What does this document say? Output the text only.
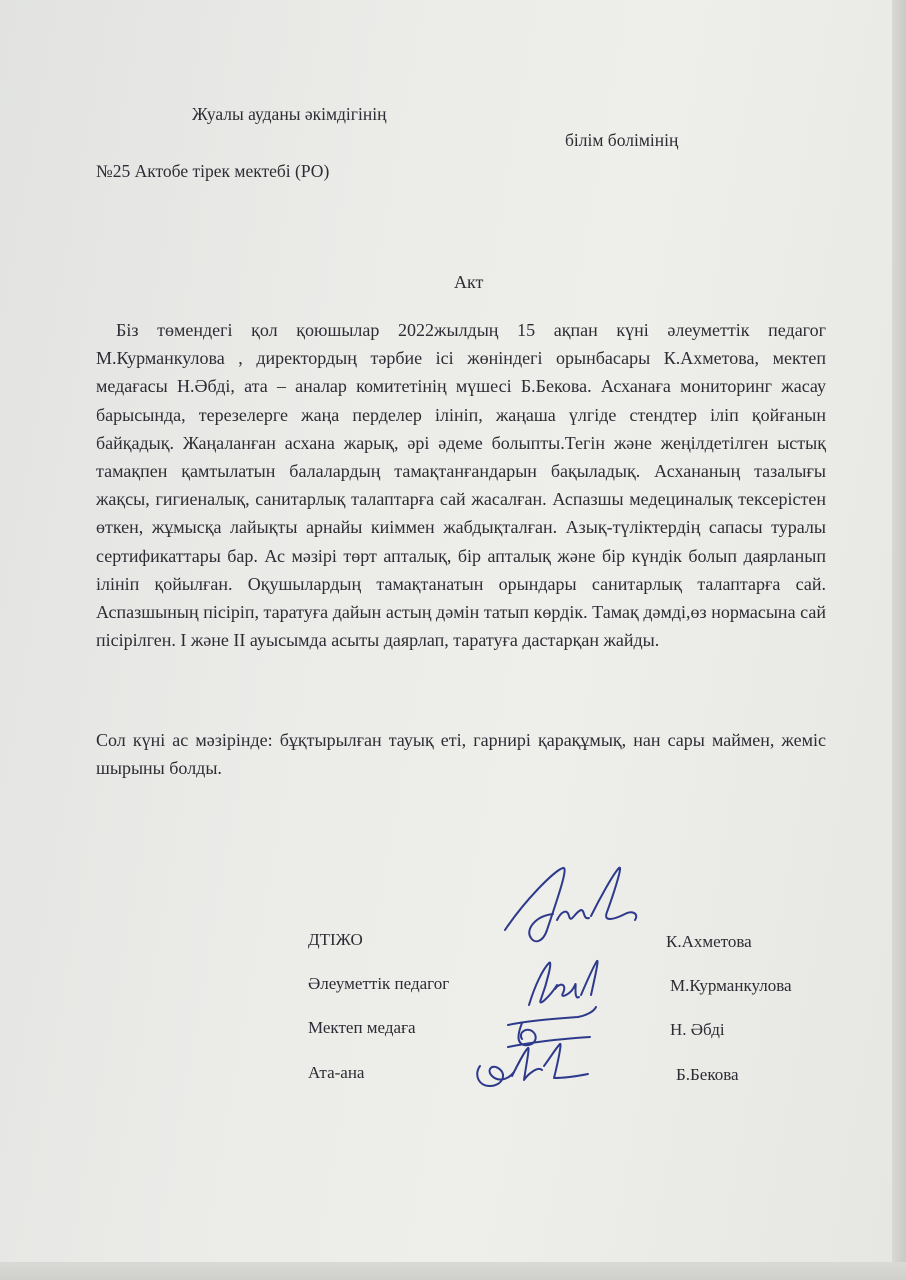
Жуалы ауданы әкімдігінің
білім болімінің
№25 Актобе тірек мектебі (РО)
Акт

Біз төмендегі қол қоюшылар 2022жылдың 15 ақпан күні әлеуметтік педагог М.Курманкулова , директордың тәрбие ісі жөніндегі орынбасары К.Ахметова, мектеп медағасы Н.Әбді, ата – аналар комитетінің мүшесі Б.Бекова. Асханаға мониторинг жасау барысында, терезелерге жаңа перделер ілініп, жаңаша үлгіде стендтер іліп қойғанын байқадық. Жаңаланған асхана жарық, әрі әдеме болыпты.Тегін және жеңілдетілген ыстық тамақпен қамтылатын балалардың тамақтанғандарын бақыладық. Асхананың тазалығы жақсы, гигиеналық, санитарлық талаптарға сай жасалған. Аспазшы медециналық тексерістен өткен, жұмысқа лайықты арнайы киіммен жабдықталған. Азық-түліктердің сапасы туралы сертификаттары бар. Ас мәзірі төрт апталық, бір апталық және бір күндік болып даярланып ілініп қойылған. Оқушылардың тамақтанатын орындары санитарлық талаптарға сай. Аспазшының пісіріп, таратуға дайын астың дәмін татып көрдік. Тамақ дәмді,өз нормасына сай пісірілген. I және II ауысымда асыты даярлап, таратуға дастарқан жайды.

Сол күні ас мәзірінде: бұқтырылған тауық еті, гарнирі қарақұмық, нан сары маймен, жеміс шырыны болды.

ДТІЖО	К.Ахметова
Әлеуметтік педагог	М.Курманкулова
Мектеп медаға	Н. Әбді
Ата-ана	Б.Бекова
